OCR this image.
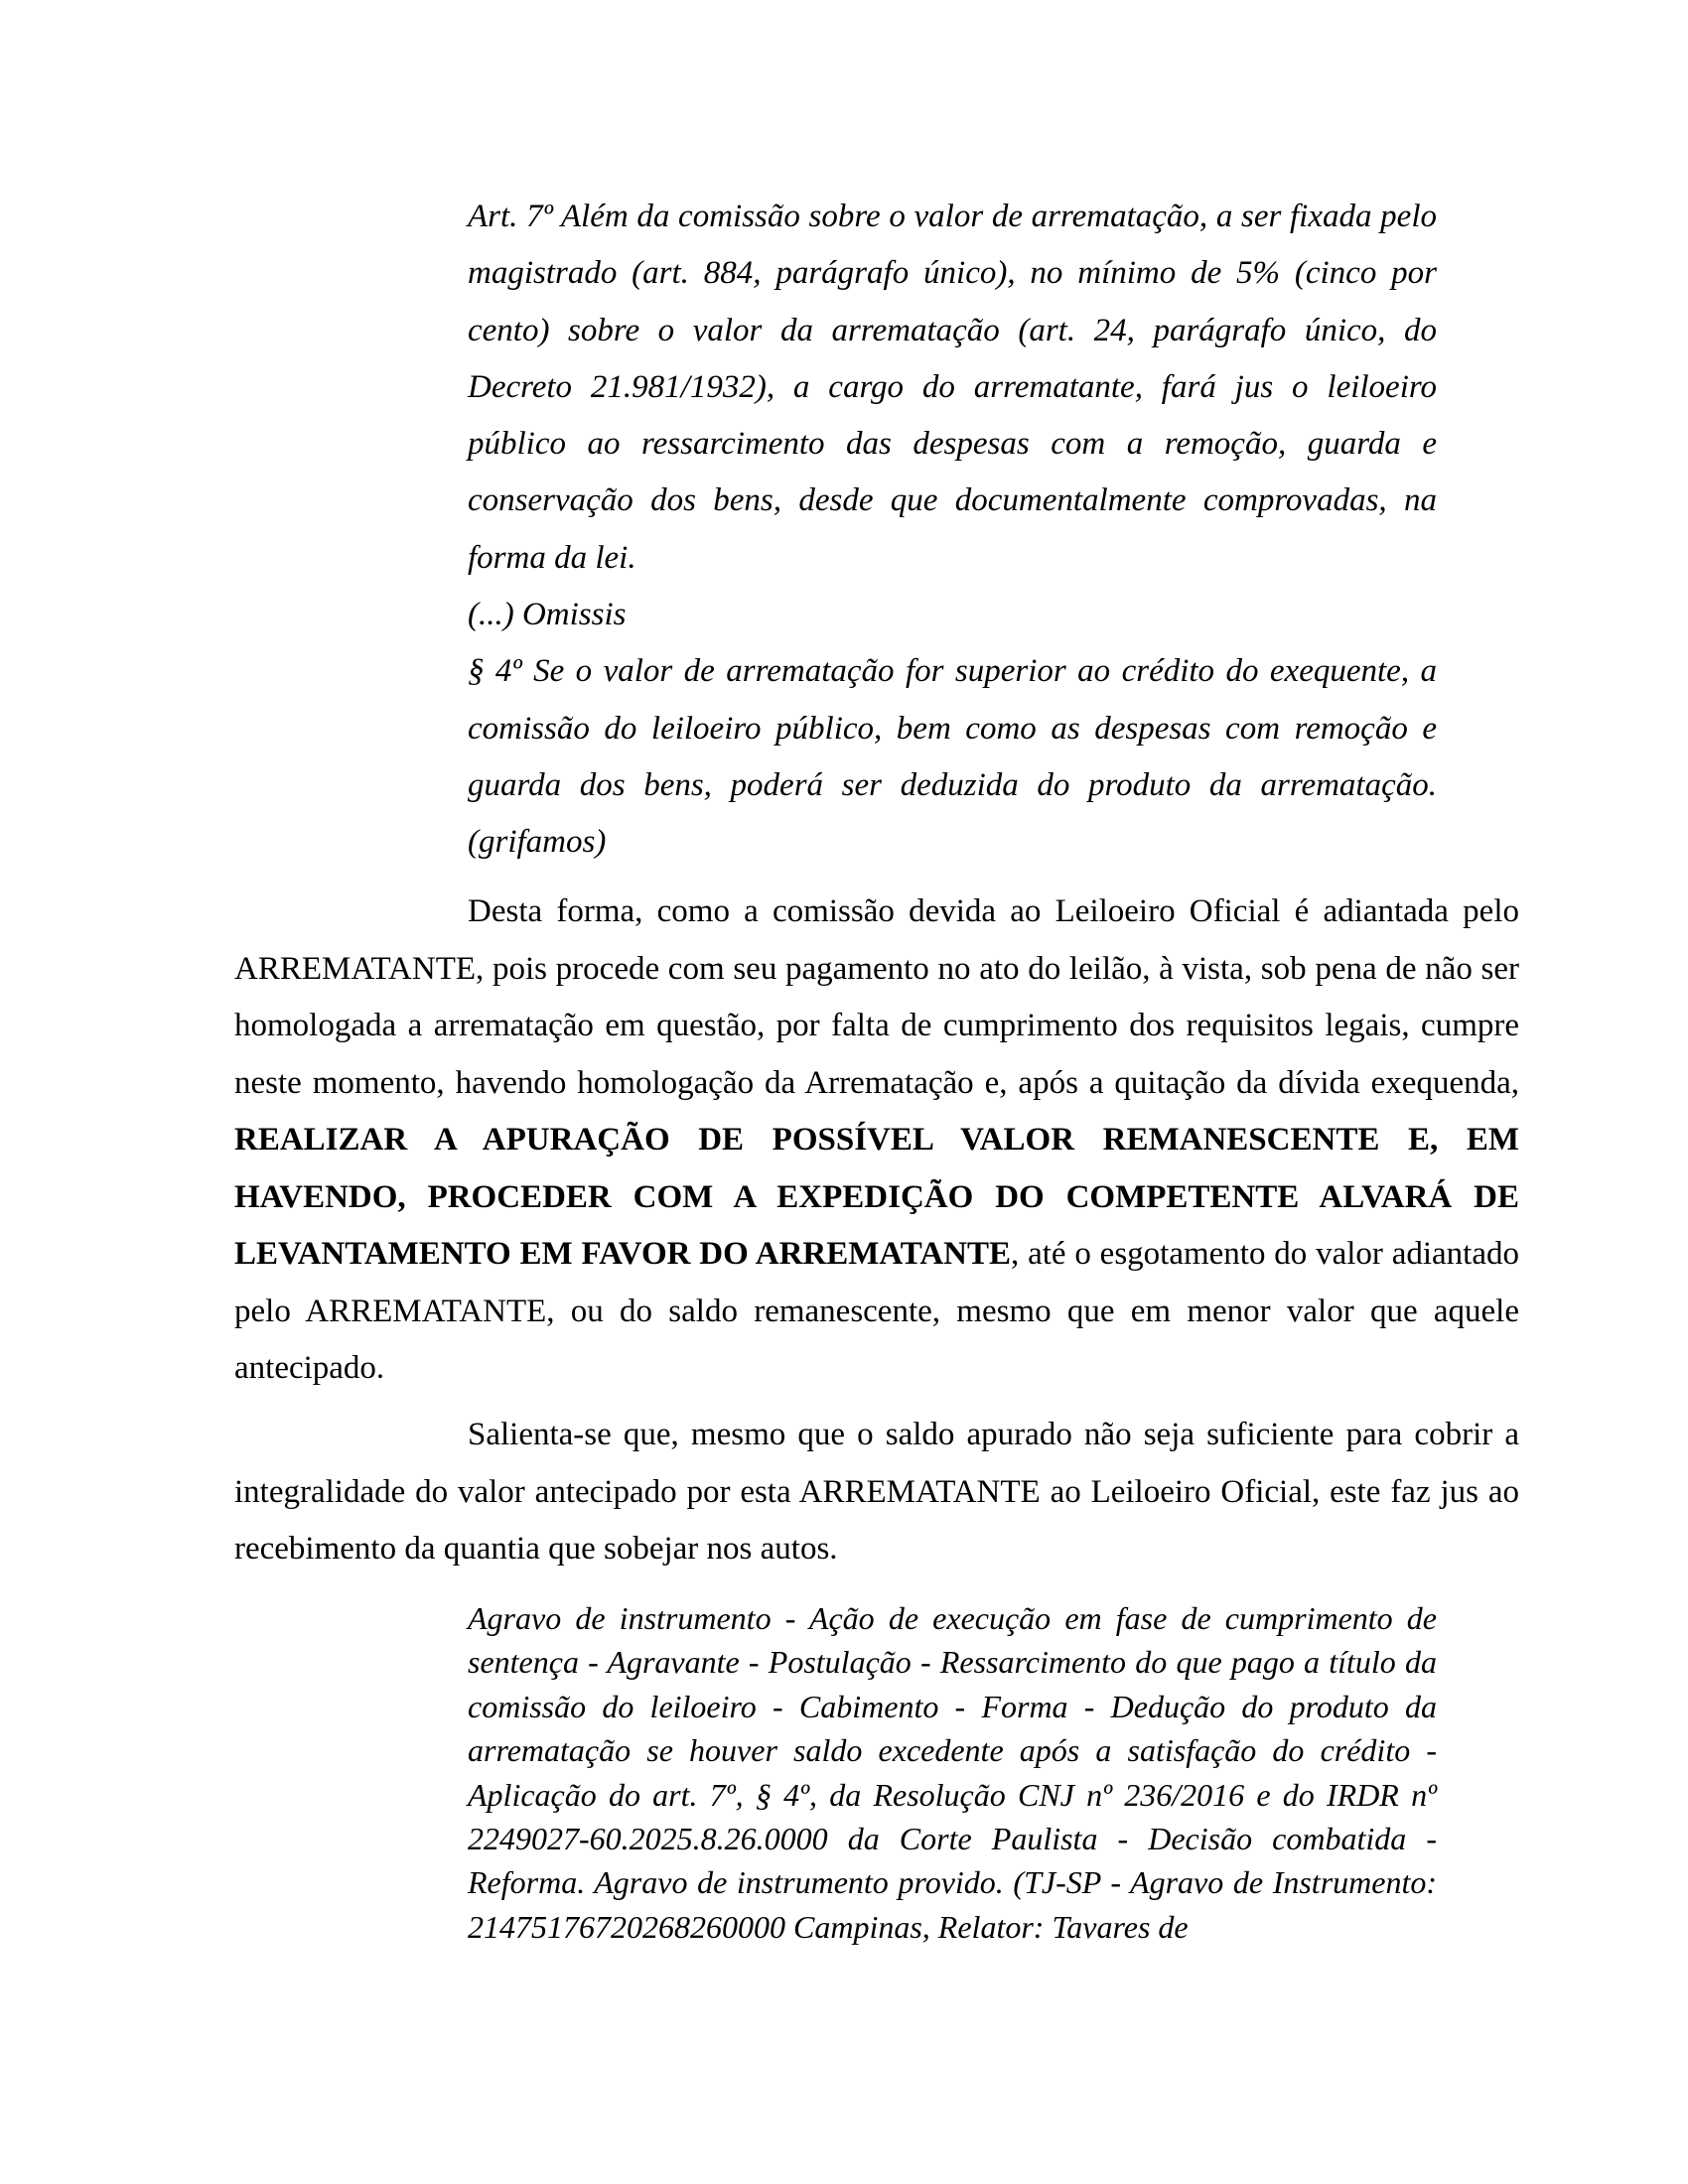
Art. 7º Além da comissão sobre o valor de arrematação, a ser fixada pelo magistrado (art. 884, parágrafo único), no mínimo de 5% (cinco por cento) sobre o valor da arrematação (art. 24, parágrafo único, do Decreto 21.981/1932), a cargo do arrematante, fará jus o leiloeiro público ao ressarcimento das despesas com a remoção, guarda e conservação dos bens, desde que documentalmente comprovadas, na forma da lei.

(...) Omissis

§ 4º Se o valor de arrematação for superior ao crédito do exequente, a comissão do leiloeiro público, bem como as despesas com remoção e guarda dos bens, poderá ser deduzida do produto da arrematação. (grifamos)

Desta forma, como a comissão devida ao Leiloeiro Oficial é adiantada pelo ARREMATANTE, pois procede com seu pagamento no ato do leilão, à vista, sob pena de não ser homologada a arrematação em questão, por falta de cumprimento dos requisitos legais, cumpre neste momento, havendo homologação da Arrematação e, após a quitação da dívida exequenda, REALIZAR A APURAÇÃO DE POSSÍVEL VALOR REMANESCENTE E, EM HAVENDO, PROCEDER COM A EXPEDIÇÃO DO COMPETENTE ALVARÁ DE LEVANTAMENTO EM FAVOR DO ARREMATANTE, até o esgotamento do valor adiantado pelo ARREMATANTE, ou do saldo remanescente, mesmo que em menor valor que aquele antecipado.

Salienta-se que, mesmo que o saldo apurado não seja suficiente para cobrir a integralidade do valor antecipado por esta ARREMATANTE ao Leiloeiro Oficial, este faz jus ao recebimento da quantia que sobejar nos autos.

Agravo de instrumento - Ação de execução em fase de cumprimento de sentença - Agravante - Postulação - Ressarcimento do que pago a título da comissão do leiloeiro - Cabimento - Forma - Dedução do produto da arrematação se houver saldo excedente após a satisfação do crédito - Aplicação do art. 7º, § 4º, da Resolução CNJ nº 236/2016 e do IRDR nº 2249027-60.2025.8.26.0000 da Corte Paulista - Decisão combatida - Reforma. Agravo de instrumento provido. (TJ-SP - Agravo de Instrumento: 21475176720268260000 Campinas, Relator: Tavares de
